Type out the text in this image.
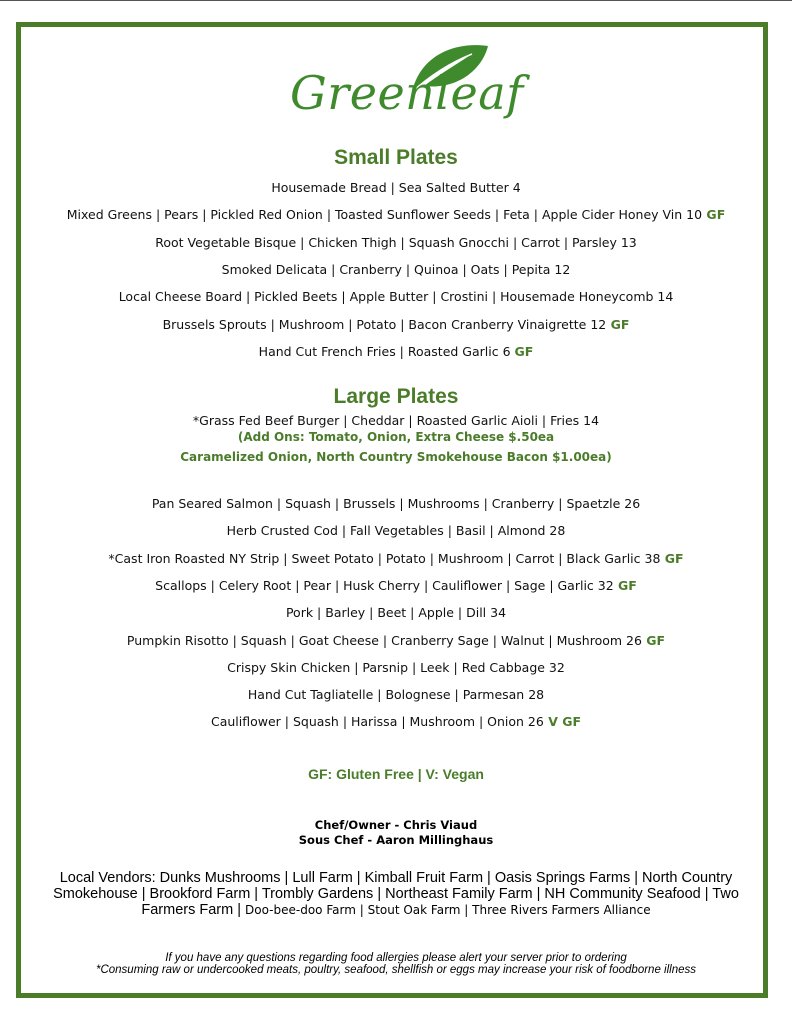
Greenleaf
Small Plates
Housemade Bread | Sea Salted Butter 4
Mixed Greens | Pears | Pickled Red Onion | Toasted Sunflower Seeds | Feta | Apple Cider Honey Vin 10 GF
Root Vegetable Bisque | Chicken Thigh | Squash Gnocchi | Carrot | Parsley 13
Smoked Delicata | Cranberry | Quinoa | Oats | Pepita 12
Local Cheese Board | Pickled Beets | Apple Butter | Crostini | Housemade Honeycomb 14
Brussels Sprouts | Mushroom | Potato | Bacon Cranberry Vinaigrette 12 GF
Hand Cut French Fries | Roasted Garlic 6 GF
Large Plates
*Grass Fed Beef Burger | Cheddar | Roasted Garlic Aioli | Fries 14
(Add Ons: Tomato, Onion, Extra Cheese $.50ea
Caramelized Onion, North Country Smokehouse Bacon $1.00ea)
Pan Seared Salmon | Squash | Brussels | Mushrooms | Cranberry | Spaetzle 26
Herb Crusted Cod | Fall Vegetables | Basil | Almond 28
*Cast Iron Roasted NY Strip | Sweet Potato | Potato | Mushroom | Carrot | Black Garlic 38 GF
Scallops | Celery Root | Pear | Husk Cherry | Cauliflower | Sage | Garlic 32 GF
Pork | Barley | Beet | Apple | Dill 34
Pumpkin Risotto | Squash | Goat Cheese | Cranberry Sage | Walnut | Mushroom 26 GF
Crispy Skin Chicken | Parsnip | Leek | Red Cabbage 32
Hand Cut Tagliatelle | Bolognese | Parmesan 28
Cauliflower | Squash | Harissa | Mushroom | Onion 26 V GF
GF: Gluten Free | V: Vegan
Chef/Owner - Chris Viaud
Sous Chef - Aaron Millinghaus
Local Vendors: Dunks Mushrooms | Lull Farm | Kimball Fruit Farm | Oasis Springs Farms | North Country Smokehouse | Brookford Farm | Trombly Gardens | Northeast Family Farm | NH Community Seafood | Two Farmers Farm | Doo-bee-doo Farm | Stout Oak Farm | Three Rivers Farmers Alliance
If you have any questions regarding food allergies please alert your server prior to ordering
*Consuming raw or undercooked meats, poultry, seafood, shellfish or eggs may increase your risk of foodborne illness
